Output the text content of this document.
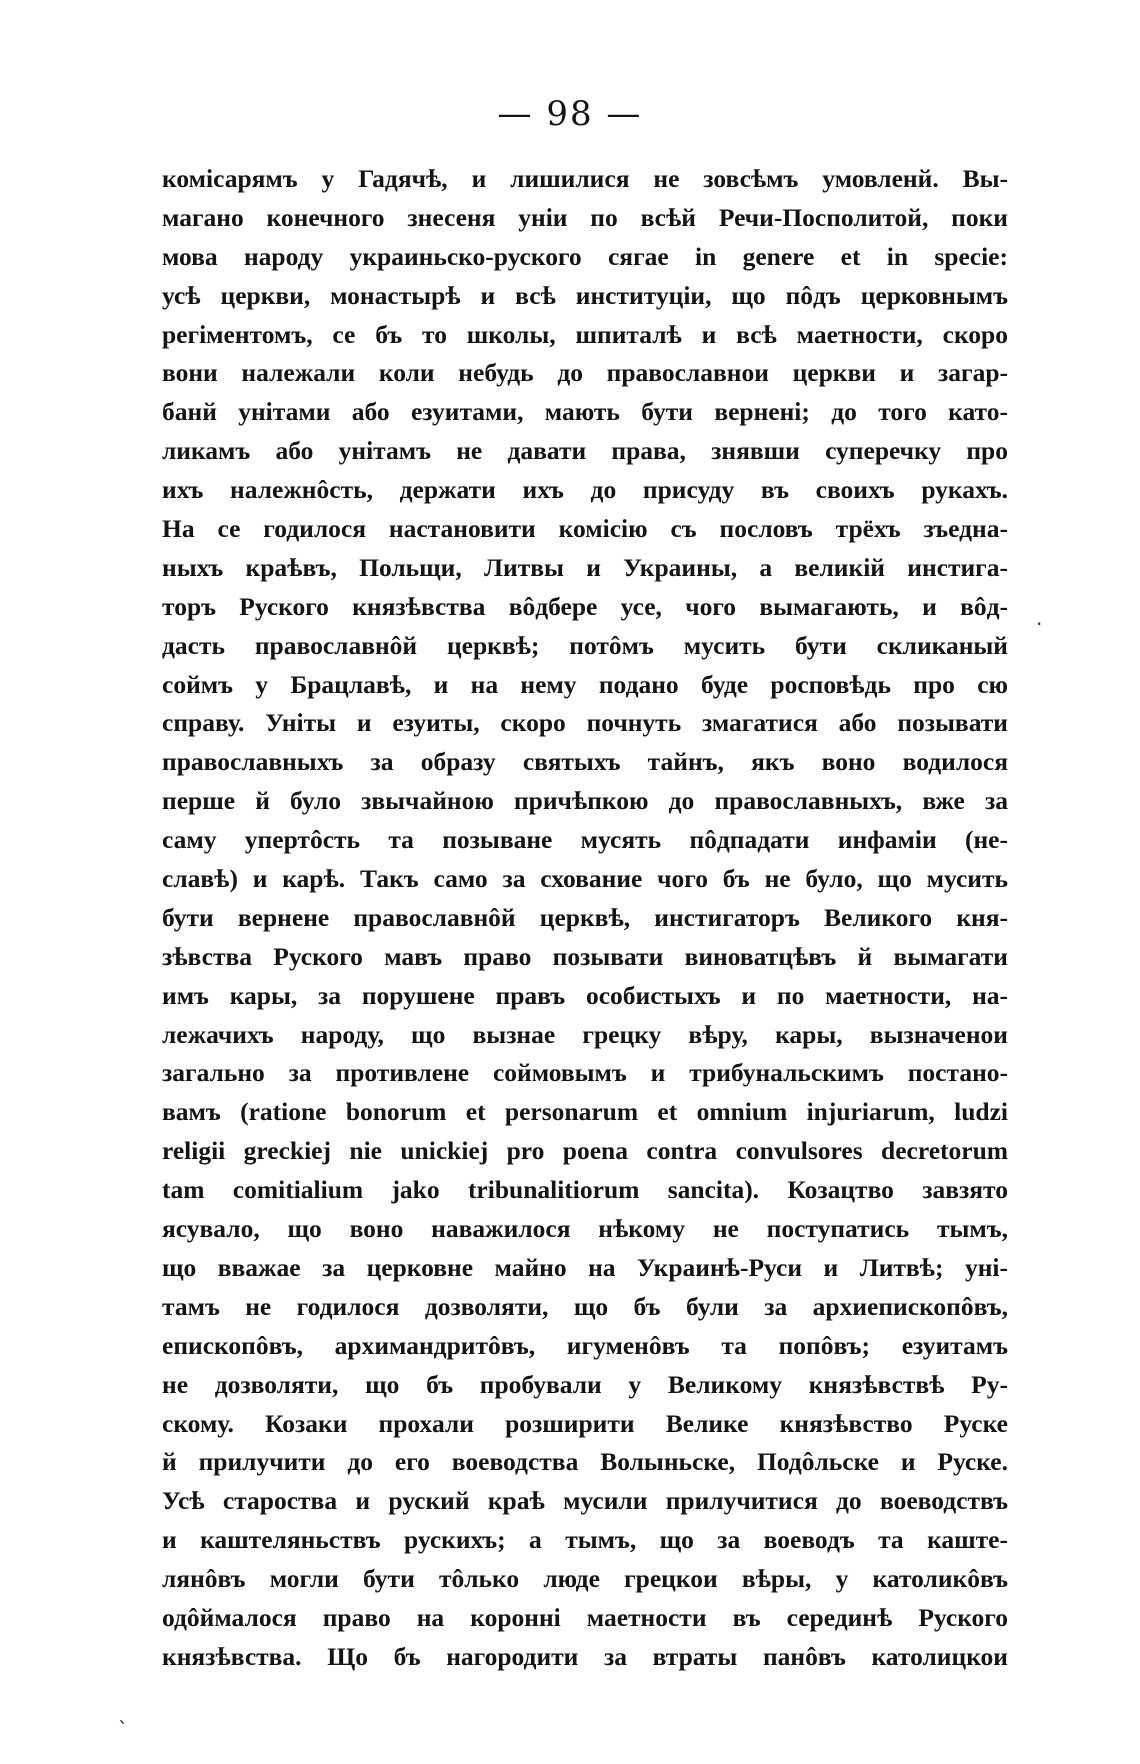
— 98 —
комісарямъ у Гадячѣ, и лишилися не зовсѣмъ умовленй. Вы-
магано конечного знесеня уніи по всѣй Речи-Посполитой, поки
мова народу украиньско-руского сягае in genere et in specie:
усѣ церкви, монастырѣ и всѣ институціи, що пôдъ церковнымъ
регіментомъ, се бъ то школы, шпиталѣ и всѣ маетности, скоро
вони належали коли небудь до православнои церкви и загар-
банй унітами або езуитами, мають бути вернені; до того като-
ликамъ або унітамъ не давати права, знявши суперечку про
ихъ належнôсть, держати ихъ до присуду въ своихъ рукахъ.
На се годилося настановити комісію съ пословъ трёхъ зъедна-
ныхъ краѣвъ, Польщи, Литвы и Украины, а великій инстига-
торъ Руского князѣвства вôдбере усе, чого вымагають, и вôд-
дасть православнôй церквѣ; потôмъ мусить бути скликаный
соймъ у Брацлавѣ, и на нему подано буде росповѣдь про сю
справу. Уніты и езуиты, скоро почнуть змагатися або позывати
православныхъ за образу святыхъ тайнъ, якъ воно водилося
перше й було звычайною причѣпкою до православныхъ, вже за
саму упертôсть та позыване мусять пôдпадати инфаміи (не-
славѣ) и карѣ. Такъ само за схование чого бъ не було, що мусить
бути вернене православнôй церквѣ, инстигаторъ Великого кня-
зѣвства Руского мавъ право позывати виноватцѣвъ й вымагати
имъ кары, за порушене правъ особистыхъ и по маетности, на-
лежачихъ народу, що вызнае грецку вѣру, кары, вызначенои
загально за противлене соймовымъ и трибунальскимъ постано-
вамъ (ratione bonorum et personarum et omnium injuriarum, ludzi
religii greckiej nie unickiej pro poena contra convulsores decretorum
tam comitialium jako tribunalitiorum sancita). Козацтво завзято
ясувало, що воно наважилося нѣкому не поступатись тымъ,
що вважае за церковне майно на Украинѣ-Руси и Литвѣ; уні-
тамъ не годилося дозволяти, що бъ були за архиепископôвъ,
епископôвъ, архимандритôвъ, игуменôвъ та попôвъ; езуитамъ
не дозволяти, що бъ пробували у Великому князѣвствѣ Ру-
скому. Козаки прохали розширити Велике князѣвство Руске
й прилучити до его воеводства Волыньске, Подôльске и Руске.
Усѣ староства и руский краѣ мусили прилучитися до воеводствъ
и каштеляньствъ рускихъ; а тымъ, що за воеводъ та каште-
лянôвъ могли бути тôлько люде грецкои вѣры, у католикôвъ
одôймалося право на коронні маетности въ серединѣ Руского
князѣвства. Що бъ нагородити за втраты панôвъ католицкои
·
ˎ
